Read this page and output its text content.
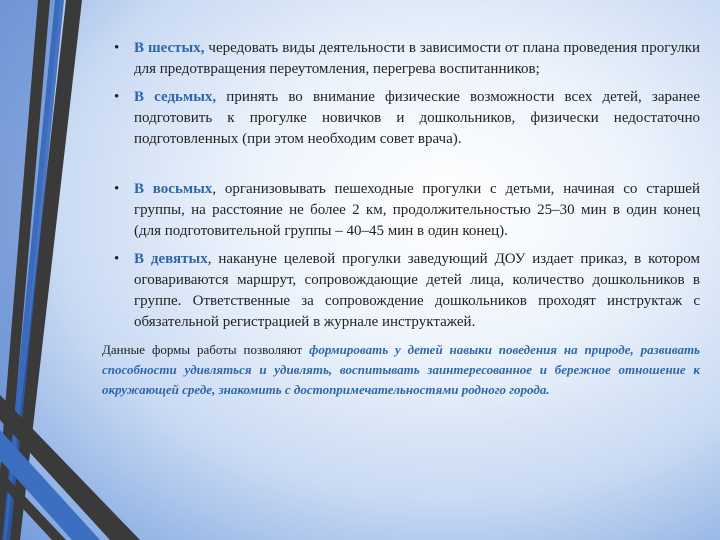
• В шестых, чередовать виды деятельности в зависимости от плана проведения прогулки для предотвращения переутомления, перегрева воспитанников;
• В седьмых, принять во внимание физические возможности всех детей, заранее подготовить к прогулке новичков и дошкольников, физически недостаточно подготовленных (при этом необходим совет врача).
• В восьмых, организовывать пешеходные прогулки с детьми, начиная со старшей группы, на расстояние не более 2 км, продолжительностью 25–30 мин в один конец (для подготовительной группы – 40–45 мин в один конец).
• В девятых, накануне целевой прогулки заведующий ДОУ издает приказ, в котором оговариваются маршрут, сопровождающие детей лица, количество дошкольников в группе. Ответственные за сопровождение дошкольников проходят инструктаж с обязательной регистрацией в журнале инструктажей.
Данные формы работы позволяют формировать у детей навыки поведения на природе, развивать способности удивляться и удивлять, воспитывать заинтересованное и бережное отношение к окружающей среде, знакомить с достопримечательностями родного города.
